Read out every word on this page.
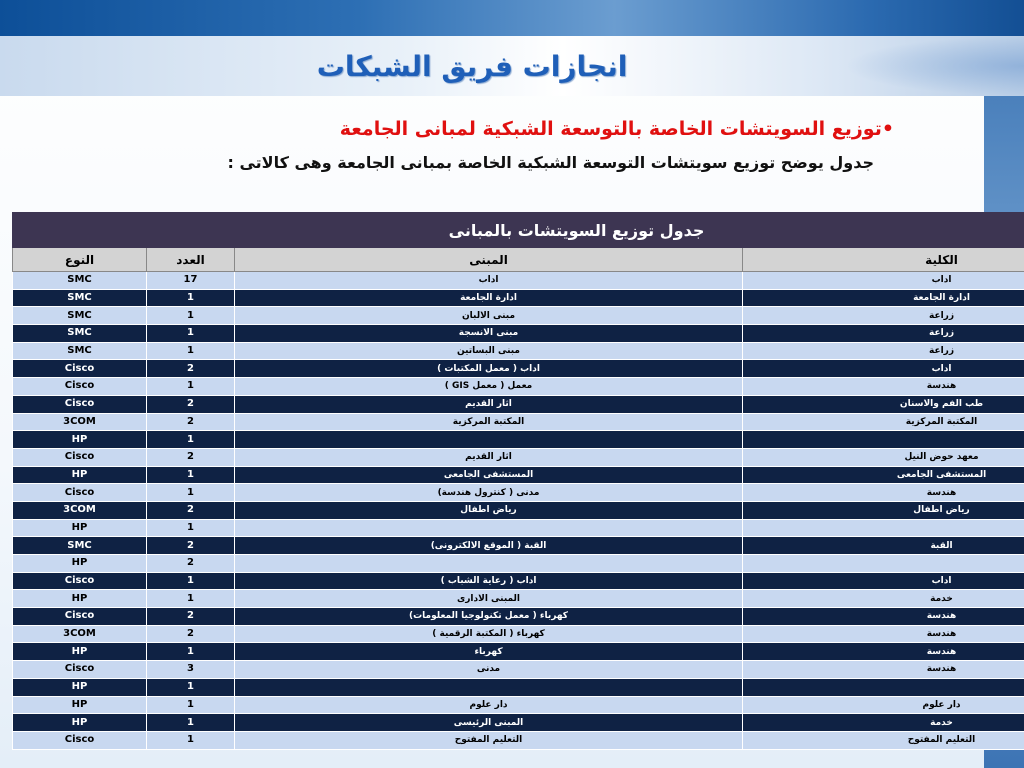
انجازات فريق الشبكات
•توزيع السويتشات الخاصة بالتوسعة الشبكية لمبانى الجامعة
جدول يوضح توزيع سويتشات التوسعة الشبكية الخاصة بمبانى الجامعة وهى كالاتى :
جدول توزيع السويتشات بالمبانى			
الكلية	المبنى	العدد	النوع
اداب	اداب	17	SMC
ادارة الجامعة	ادارة الجامعة	1	SMC
زراعة	مبنى الالبان	1	SMC
زراعة	مبنى الانسجة	1	SMC
زراعة	مبنى البساتين	1	SMC
اداب	اداب ( معمل المكتبات )	2	Cisco
هندسة	معمل ( معمل GIS )	1	Cisco
طب الفم والاسنان	اثار القديم	2	Cisco
المكتبة المركزية	المكتبة المركزية	2	3COM
		1	HP
معهد حوض النيل	اثار القديم	2	Cisco
المستشفى الجامعى	المستشفى الجامعى	1	HP
هندسة	مدنى ( كنترول هندسة)	1	Cisco
رياض اطفال	رياض اطفال	2	3COM
		1	HP
القبة	القبة ( الموقع الالكترونى)	2	SMC
		2	HP
اداب	اداب ( رعاية الشباب )	1	Cisco
خدمة	المبنى الادارى	1	HP
هندسة	كهرباء ( معمل تكنولوجيا المعلومات)	2	Cisco
هندسة	كهرباء ( المكتبة الرقمية )	2	3COM
هندسة	كهرباء	1	HP
هندسة	مدنى	3	Cisco
		1	HP
دار علوم	دار علوم	1	HP
خدمة	المبنى الرئيسى	1	HP
التعليم المفتوح	التعليم المفتوح	1	Cisco
